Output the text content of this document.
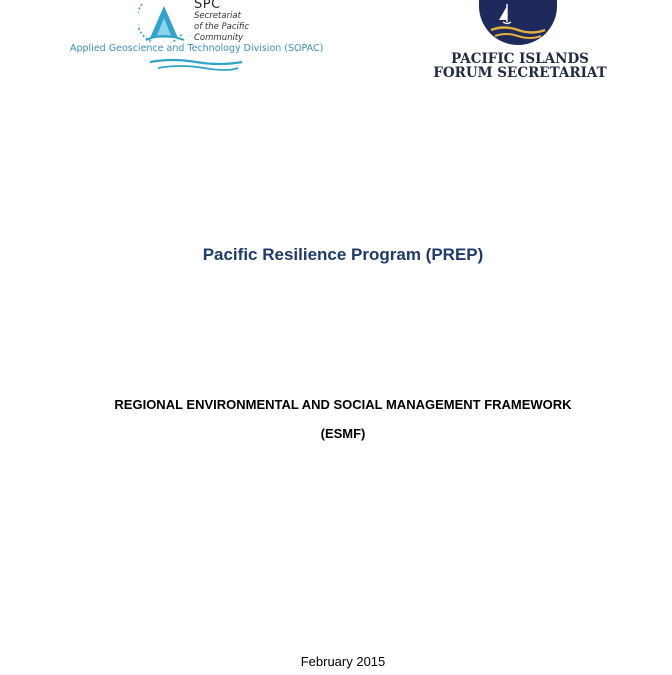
SPC
Secretariat
of the Pacific
Community
Applied Geoscience and Technology Division (SOPAC)
PACIFIC ISLANDS
FORUM SECRETARIAT
Pacific Resilience Program (PREP)
REGIONAL ENVIRONMENTAL AND SOCIAL MANAGEMENT FRAMEWORK
(ESMF)
February 2015
